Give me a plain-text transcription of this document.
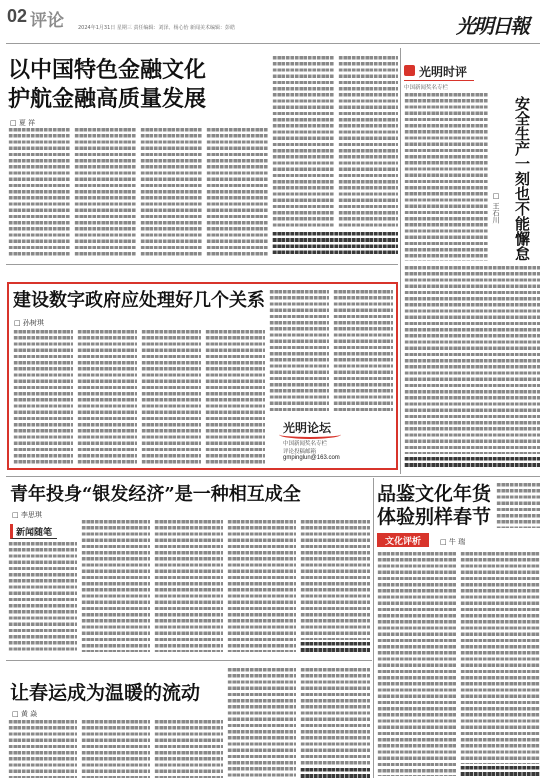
02 评论	2024年1月31日 星期三 责任编辑：刘泽、杨心怡 新闻美术编辑：彭皓	光明日報
以中国特色金融文化
护航金融高质量发展
□ 夏 祥
光明时评
中国新闻奖名专栏
□ 王石川 安全生产一刻也不能懈怠
建设数字政府应处理好几个关系
□ 孙树琪
光明论坛
中国新闻奖名专栏
评论投稿邮箱
gmpinglun@163.com
青年投身“银发经济”是一种相互成全
□ 李思琪
新闻随笔
品鉴文化年货
体验别样春节
文化评析	□ 牛 瑞
让春运成为温暖的流动
□ 黄 焱
